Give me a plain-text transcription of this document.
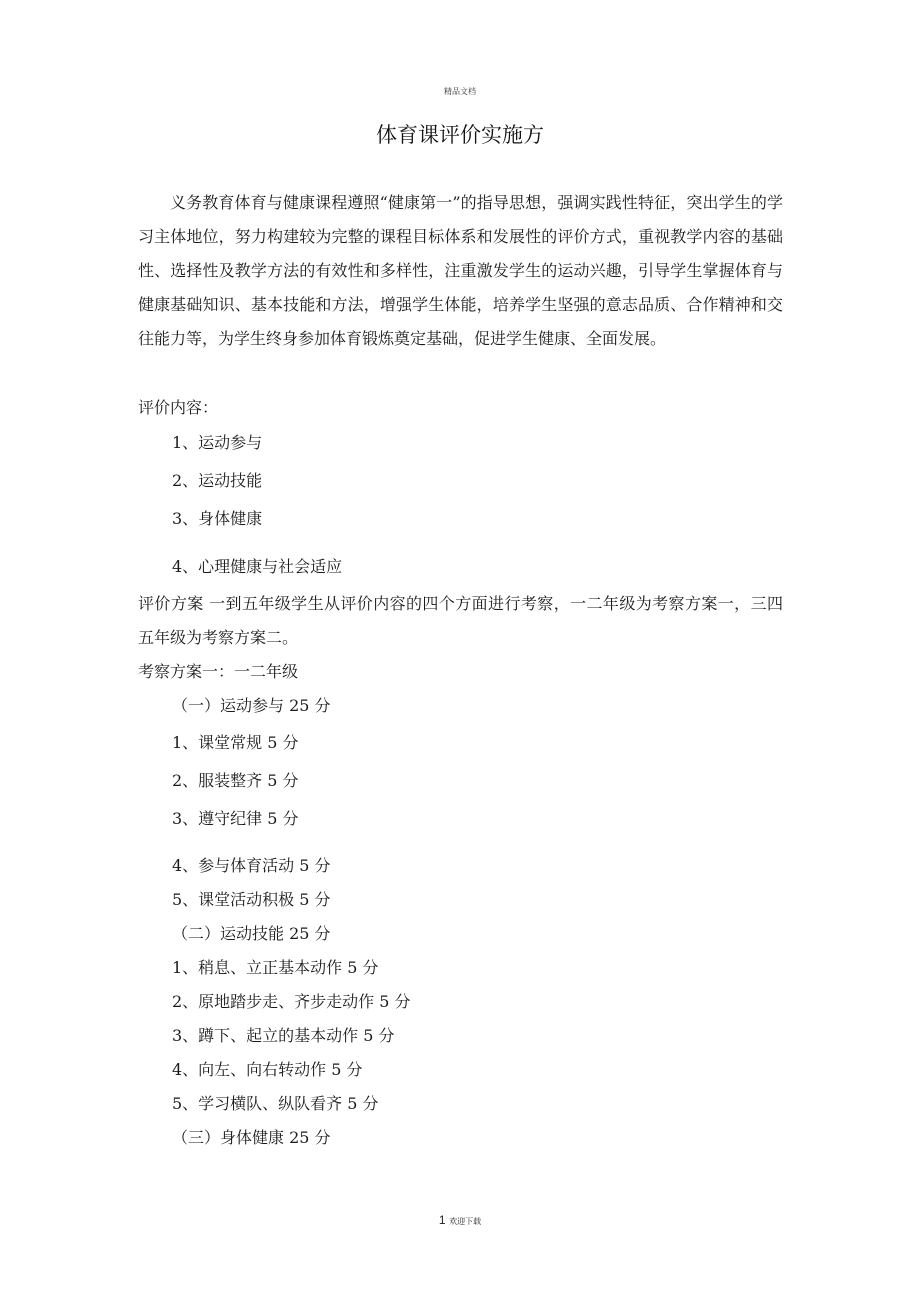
精品文档
体育课评价实施方
义务教育体育与健康课程遵照“健康第一”的指导思想，强调实践性特征，突出学生的学习主体地位，努力构建较为完整的课程目标体系和发展性的评价方式，重视教学内容的基础性、选择性及教学方法的有效性和多样性，注重激发学生的运动兴趣，引导学生掌握体育与健康基础知识、基本技能和方法，增强学生体能，培养学生坚强的意志品质、合作精神和交往能力等，为学生终身参加体育锻炼奠定基础，促进学生健康、全面发展。
评价内容：
1、运动参与
2、运动技能
3、身体健康
4、心理健康与社会适应
评价方案 一到五年级学生从评价内容的四个方面进行考察，一二年级为考察方案一，三四五年级为考察方案二。
考察方案一：一二年级
（一）运动参与 25 分
1、课堂常规 5 分
2、服装整齐 5 分
3、遵守纪律 5 分
4、参与体育活动 5 分
5、课堂活动积极 5 分
（二）运动技能 25 分
1、稍息、立正基本动作 5 分
2、原地踏步走、齐步走动作 5 分
3、蹲下、起立的基本动作 5 分
4、向左、向右转动作 5 分
5、学习横队、纵队看齐 5 分
（三）身体健康 25 分
1 欢迎下载
